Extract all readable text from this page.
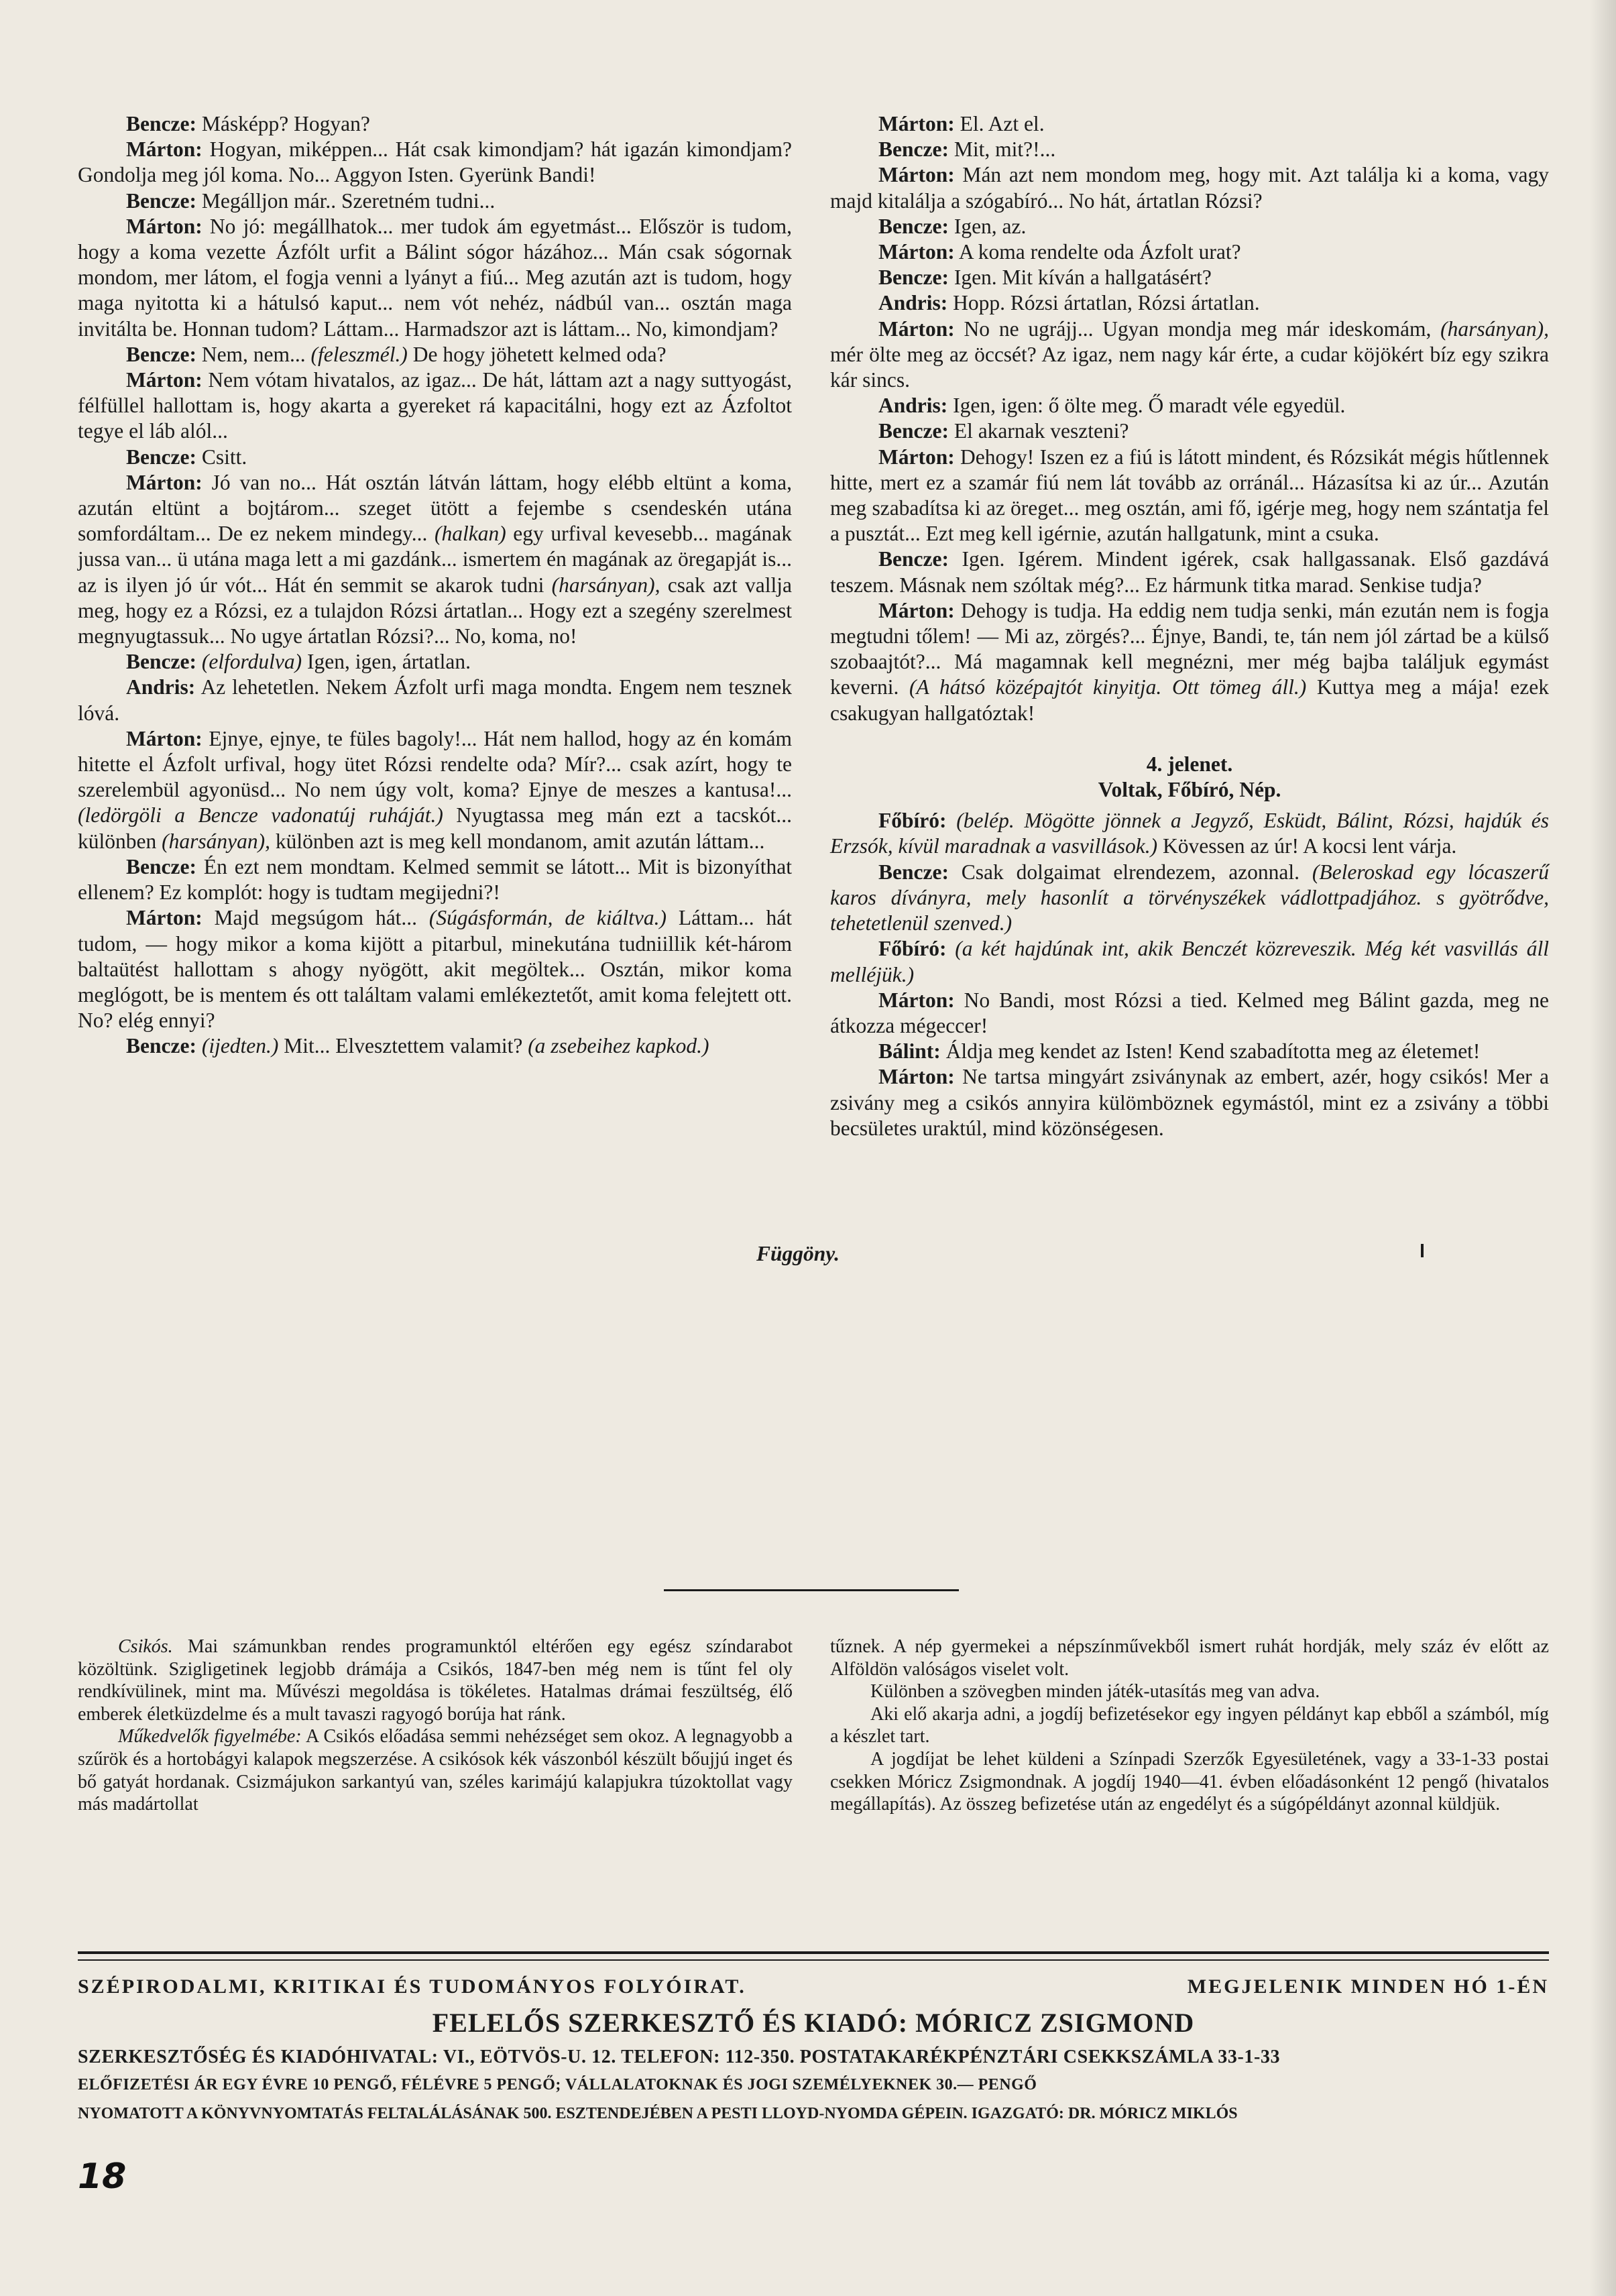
Bencze: Másképp? Hogyan?

Márton: Hogyan, miképpen... Hát csak kimondjam? hát igazán kimondjam? Gondolja meg jól koma. No... Aggyon Isten. Gyerünk Bandi!

Bencze: Megálljon már.. Szeretném tudni...

Márton: No jó: megállhatok... mer tudok ám egyetmást... Először is tudom, hogy a koma vezette Ázfólt urfit a Bálint sógor házához... Mán csak sógornak mondom, mer látom, el fogja venni a lyányt a fiú... Meg azután azt is tudom, hogy maga nyitotta ki a hátulsó kaput... nem vót nehéz, nádbúl van... osztán maga invitálta be. Honnan tudom? Láttam... Harmadszor azt is láttam... No, kimondjam?

Bencze: Nem, nem... (feleszmél.) De hogy jöhetett kelmed oda?

Márton: Nem vótam hivatalos, az igaz... De hát, láttam azt a nagy suttyogást, félfüllel hallottam is, hogy akarta a gyereket rá kapacitálni, hogy ezt az Ázfoltot tegye el láb alól...

Bencze: Csitt.

Márton: Jó van no... Hát osztán látván láttam, hogy elébb eltünt a koma, azután eltünt a bojtárom... szeget ütött a fejembe s csendeskén utána somfordáltam... De ez nekem mindegy... (halkan) egy urfival kevesebb... magának jussa van... ü utána maga lett a mi gazdánk... ismertem én magának az öregapját is... az is ilyen jó úr vót... Hát én semmit se akarok tudni (harsányan), csak azt vallja meg, hogy ez a Rózsi, ez a tulajdon Rózsi ártatlan... Hogy ezt a szegény szerelmest megnyugtassuk... No ugye ártatlan Rózsi?... No, koma, no!

Bencze: (elfordulva) Igen, igen, ártatlan.

Andris: Az lehetetlen. Nekem Ázfolt urfi maga mondta. Engem nem tesznek lóvá.

Márton: Ejnye, ejnye, te füles bagoly!... Hát nem hallod, hogy az én komám hitette el Ázfolt urfival, hogy ütet Rózsi rendelte oda? Mír?... csak azírt, hogy te szerelembül agyonüsd... No nem úgy volt, koma? Ejnye de meszes a kantusa!... (ledörgöli a Bencze vadonatúj ruháját.) Nyugtassa meg mán ezt a tacskót... különben (harsányan), különben azt is meg kell mondanom, amit azután láttam...

Bencze: Én ezt nem mondtam. Kelmed semmit se látott... Mit is bizonyíthat ellenem? Ez komplót: hogy is tudtam megijedni?!

Márton: Majd megsúgom hát... (Súgásformán, de kiáltva.) Láttam... hát tudom, — hogy mikor a koma kijött a pitarbul, minekutána tudniillik két-három baltaütést hallottam s ahogy nyögött, akit megöltek... Osztán, mikor koma meglógott, be is mentem és ott találtam valami emlékeztetőt, amit koma felejtett ott. No? elég ennyi?

Bencze: (ijedten.) Mit... Elvesztettem valamit? (a zsebeihez kapkod.)

Márton: El. Azt el.

Bencze: Mit, mit?!...

Márton: Mán azt nem mondom meg, hogy mit. Azt találja ki a koma, vagy majd kitalálja a szógabíró... No hát, ártatlan Rózsi?

Bencze: Igen, az.

Márton: A koma rendelte oda Ázfolt urat?

Bencze: Igen. Mit kíván a hallgatásért?

Andris: Hopp. Rózsi ártatlan, Rózsi ártatlan.

Márton: No ne ugrájj... Ugyan mondja meg már ideskomám, (harsányan), mér ölte meg az öccsét? Az igaz, nem nagy kár érte, a cudar köjökért bíz egy szikra kár sincs.

Andris: Igen, igen: ő ölte meg. Ő maradt véle egyedül.

Bencze: El akarnak veszteni?

Márton: Dehogy! Iszen ez a fiú is látott mindent, és Rózsikát mégis hűtlennek hitte, mert ez a szamár fiú nem lát tovább az orránál... Házasítsa ki az úr... Azután meg szabadítsa ki az öreget... meg osztán, ami fő, igérje meg, hogy nem szántatja fel a pusztát... Ezt meg kell igérnie, azután hallgatunk, mint a csuka.

Bencze: Igen. Igérem. Mindent igérek, csak hallgassanak. Első gazdává teszem. Másnak nem szóltak még?... Ez hármunk titka marad. Senkise tudja?

Márton: Dehogy is tudja. Ha eddig nem tudja senki, mán ezután nem is fogja megtudni tőlem! — Mi az, zörgés?... Éjnye, Bandi, te, tán nem jól zártad be a külső szobaajtót?... Má magamnak kell megnézni, mer még bajba találjuk egymást keverni. (A hátsó középajtót kinyitja. Ott tömeg áll.) Kuttya meg a mája! ezek csakugyan hallgatóztak!

4. jelenet.

Voltak, Főbíró, Nép.

Főbíró: (belép. Mögötte jönnek a Jegyző, Esküdt, Bálint, Rózsi, hajdúk és Erzsók, kívül maradnak a vasvillások.) Kövessen az úr! A kocsi lent várja.

Bencze: Csak dolgaimat elrendezem, azonnal. (Beleroskad egy lócaszerű karos díványra, mely hasonlít a törvényszékek vádlottpadjához. s gyötrődve, tehetetlenül szenved.)

Főbíró: (a két hajdúnak int, akik Benczét közreveszik. Még két vasvillás áll melléjük.)

Márton: No Bandi, most Rózsi a tied. Kelmed meg Bálint gazda, meg ne átkozza mégeccer!

Bálint: Áldja meg kendet az Isten! Kend szabadította meg az életemet!

Márton: Ne tartsa mingyárt zsiványnak az embert, azér, hogy csikós! Mer a zsivány meg a csikós annyira külömböznek egymástól, mint ez a zsivány a többi becsületes uraktúl, mind közönségesen.

Függöny.

Csikós. Mai számunkban rendes programunktól eltérően egy egész színdarabot közöltünk. Szigligetinek legjobb drámája a Csikós, 1847-ben még nem is tűnt fel oly rendkívülinek, mint ma. Művészi megoldása is tökéletes. Hatalmas drámai feszültség, élő emberek életküzdelme és a mult tavaszi ragyogó borúja hat ránk.

Műkedvelők figyelmébe: A Csikós előadása semmi nehézséget sem okoz. A legnagyobb a szűrök és a hortobágyi kalapok megszerzése. A csikósok kék vászonból készült bőujjú inget és bő gatyát hordanak. Csizmájukon sarkantyú van, széles karimájú kalapjukra túzoktollat vagy más madártollat

tűznek. A nép gyermekei a népszínművekből ismert ruhát hordják, mely száz év előtt az Alföldön valóságos viselet volt.

Különben a szövegben minden játék-utasítás meg van adva.

Aki elő akarja adni, a jogdíj befizetésekor egy ingyen példányt kap ebből a számból, míg a készlet tart.

A jogdíjat be lehet küldeni a Színpadi Szerzők Egyesületének, vagy a 33-1-33 postai csekken Móricz Zsigmondnak. A jogdíj 1940—41. évben előadásonként 12 pengő (hivatalos megállapítás). Az összeg befizetése után az engedélyt és a súgópéldányt azonnal küldjük.

SZÉPIRODALMI, KRITIKAI ÉS TUDOMÁNYOS FOLYÓIRAT.	MEGJELENIK MINDEN HÓ 1-ÉN
FELELŐS SZERKESZTŐ ÉS KIADÓ: MÓRICZ ZSIGMOND
SZERKESZTŐSÉG ÉS KIADÓHIVATAL: VI., EÖTVÖS-U. 12. TELEFON: 112-350. POSTATAKARÉKPÉNZTÁRI CSEKKSZÁMLA 33-1-33
ELŐFIZETÉSI ÁR EGY ÉVRE 10 PENGŐ, FÉLÉVRE 5 PENGŐ; VÁLLALATOKNAK ÉS JOGI SZEMÉLYEKNEK 30.— PENGŐ
NYOMATOTT A KÖNYVNYOMTATÁS FELTALÁLÁSÁNAK 500. ESZTENDEJÉBEN A PESTI LLOYD-NYOMDA GÉPEIN. IGAZGATÓ: DR. MÓRICZ MIKLÓS
18
